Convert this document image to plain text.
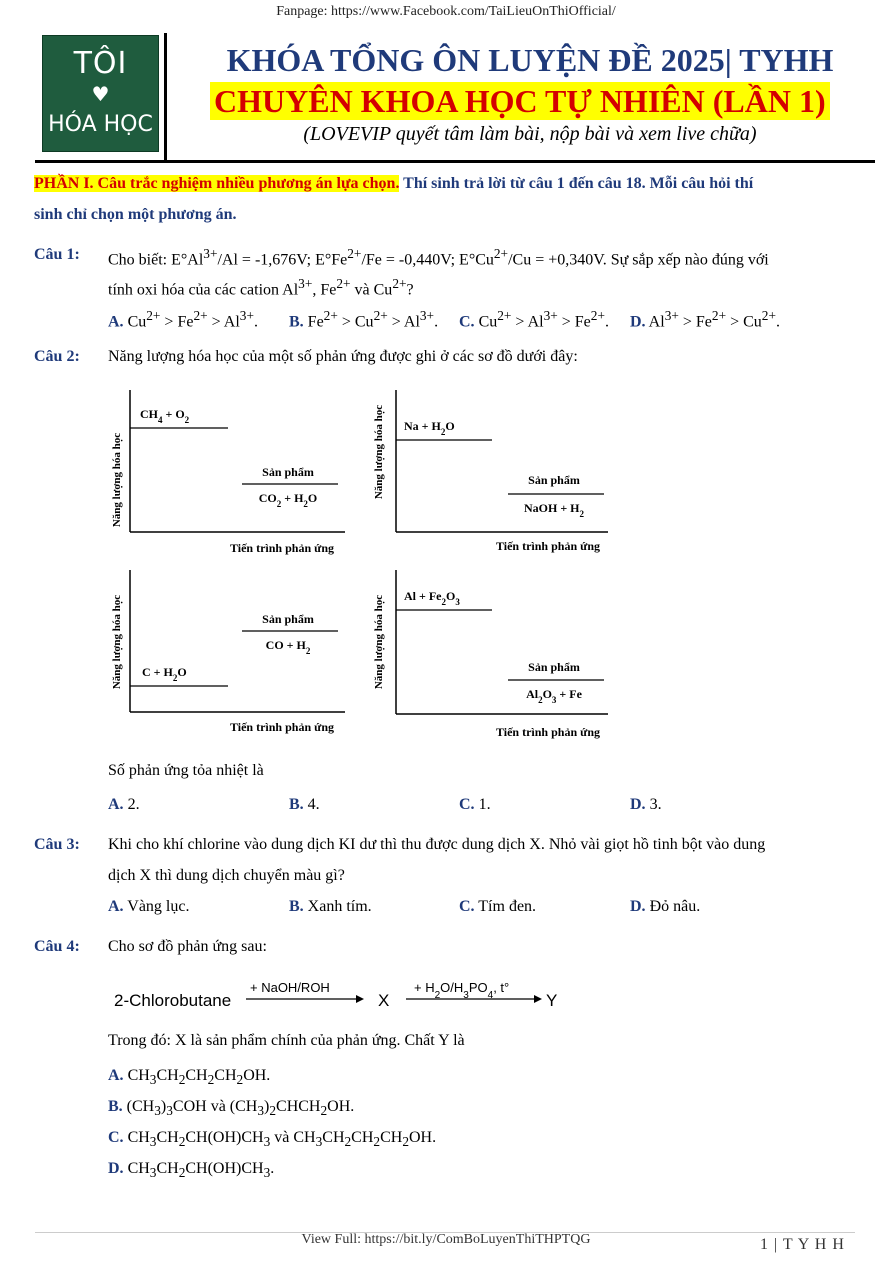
Fanpage: https://www.Facebook.com/TaiLieuOnThiOfficial/
TÔI
♥
HÓA HỌC
KHÓA TỔNG ÔN LUYỆN ĐỀ 2025| TYHH
CHUYÊN KHOA HỌC TỰ NHIÊN (LẦN 1)
(LOVEVIP quyết tâm làm bài, nộp bài và xem live chữa)
PHẦN I. Câu trắc nghiệm nhiều phương án lựa chọn. Thí sinh trả lời từ câu 1 đến câu 18. Mỗi câu hỏi thí
sinh chỉ chọn một phương án.
Câu 1: Cho biết: $E^\circ Al^{3+}/Al = -1,676V$; $E^\circ Fe^{2+}/Fe = -0,440V$; $E^\circ Cu^{2+}/Cu = +0,340V$. Sự sắp xếp nào đúng với
tính oxi hóa của các cation $Al^{3+}$, $Fe^{2+}$ và $Cu^{2+}$?
A. $Cu^{2+} > Fe^{2+} > Al^{3+}$. B. $Fe^{2+} > Cu^{2+} > Al^{3+}$. C. $Cu^{2+} > Al^{3+} > Fe^{2+}$. D. $Al^{3+} > Fe^{2+} > Cu^{2+}$.
Câu 2: Năng lượng hóa học của một số phản ứng được ghi ở các sơ đồ dưới đây:
Năng lượng hóa học
$CH_4 + O_2$
Sản phẩm
$CO_2 + H_2O$
Tiến trình phản ứng
Năng lượng hóa học $Na + H_2O$
Sản phẩm
NaOH + $H_2$
Tiến trình phản ứng
Năng lượng hóa học	Sản phẩm
CO + $H_2$
$C + H_2O$
Tiến trình phản ứng
Năng lượng hóa học $Al + Fe_2O_3$
Sản phẩm
$Al_2O_3 + Fe$
Tiến trình phản ứng
Số phản ứng tỏa nhiệt là
A. 2.	B. 4.	C. 1.	D. 3.
Câu 3: Khi cho khí chlorine vào dung dịch KI dư thì thu được dung dịch X. Nhỏ vài giọt hồ tinh bột vào dung
dịch X thì dung dịch chuyển màu gì?
A. Vàng lục.	B. Xanh tím.	C. Tím đen.	D. Đỏ nâu.
Câu 4: Cho sơ đồ phản ứng sau:
2-Chlorobutane
+ NaOH/ROH
X
+ $H_2O/H_3PO_4$, t°
Y
Trong đó: X là sản phẩm chính của phản ứng. Chất Y là
A. $CH_3CH_2CH_2CH_2OH$.
B. $(CH_3)_3COH$ và $(CH_3)_2CHCH_2OH$.
C. $CH_3CH_2CH(OH)CH_3$ và $CH_3CH_2CH_2CH_2OH$.
D. $CH_3CH_2CH(OH)CH_3$.
View Full: https://bit.ly/ComBoLuyenThiTHPTQG	1 | T Y H H
